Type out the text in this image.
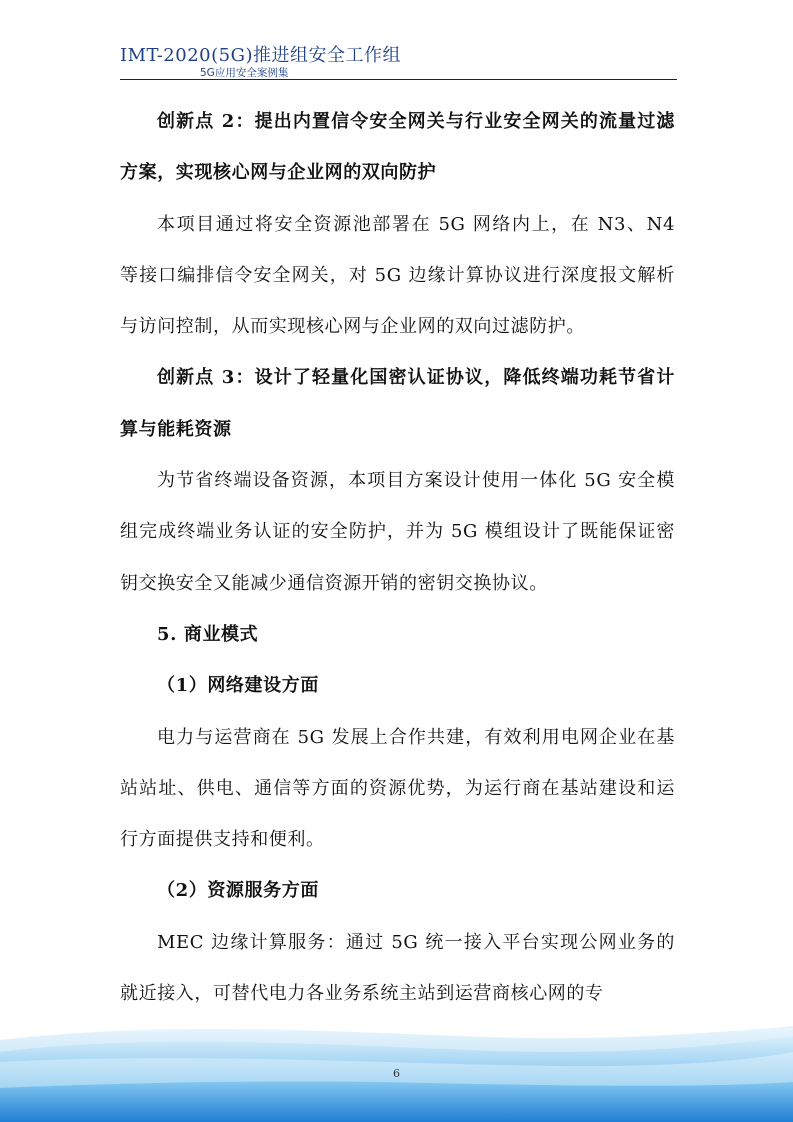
IMT-2020(5G)推进组安全工作组
5G应用安全案例集

创新点 2：提出内置信令安全网关与行业安全网关的流量过滤方案，实现核心网与企业网的双向防护

本项目通过将安全资源池部署在 5G 网络内上，在 N3、N4 等接口编排信令安全网关，对 5G 边缘计算协议进行深度报文解析与访问控制，从而实现核心网与企业网的双向过滤防护。

创新点 3：设计了轻量化国密认证协议，降低终端功耗节省计算与能耗资源

为节省终端设备资源，本项目方案设计使用一体化 5G 安全模组完成终端业务认证的安全防护，并为 5G 模组设计了既能保证密钥交换安全又能减少通信资源开销的密钥交换协议。

5. 商业模式

（1）网络建设方面

电力与运营商在 5G 发展上合作共建，有效利用电网企业在基站站址、供电、通信等方面的资源优势，为运行商在基站建设和运行方面提供支持和便利。

（2）资源服务方面

MEC 边缘计算服务：通过 5G 统一接入平台实现公网业务的就近接入，可替代电力各业务系统主站到运营商核心网的专

6
